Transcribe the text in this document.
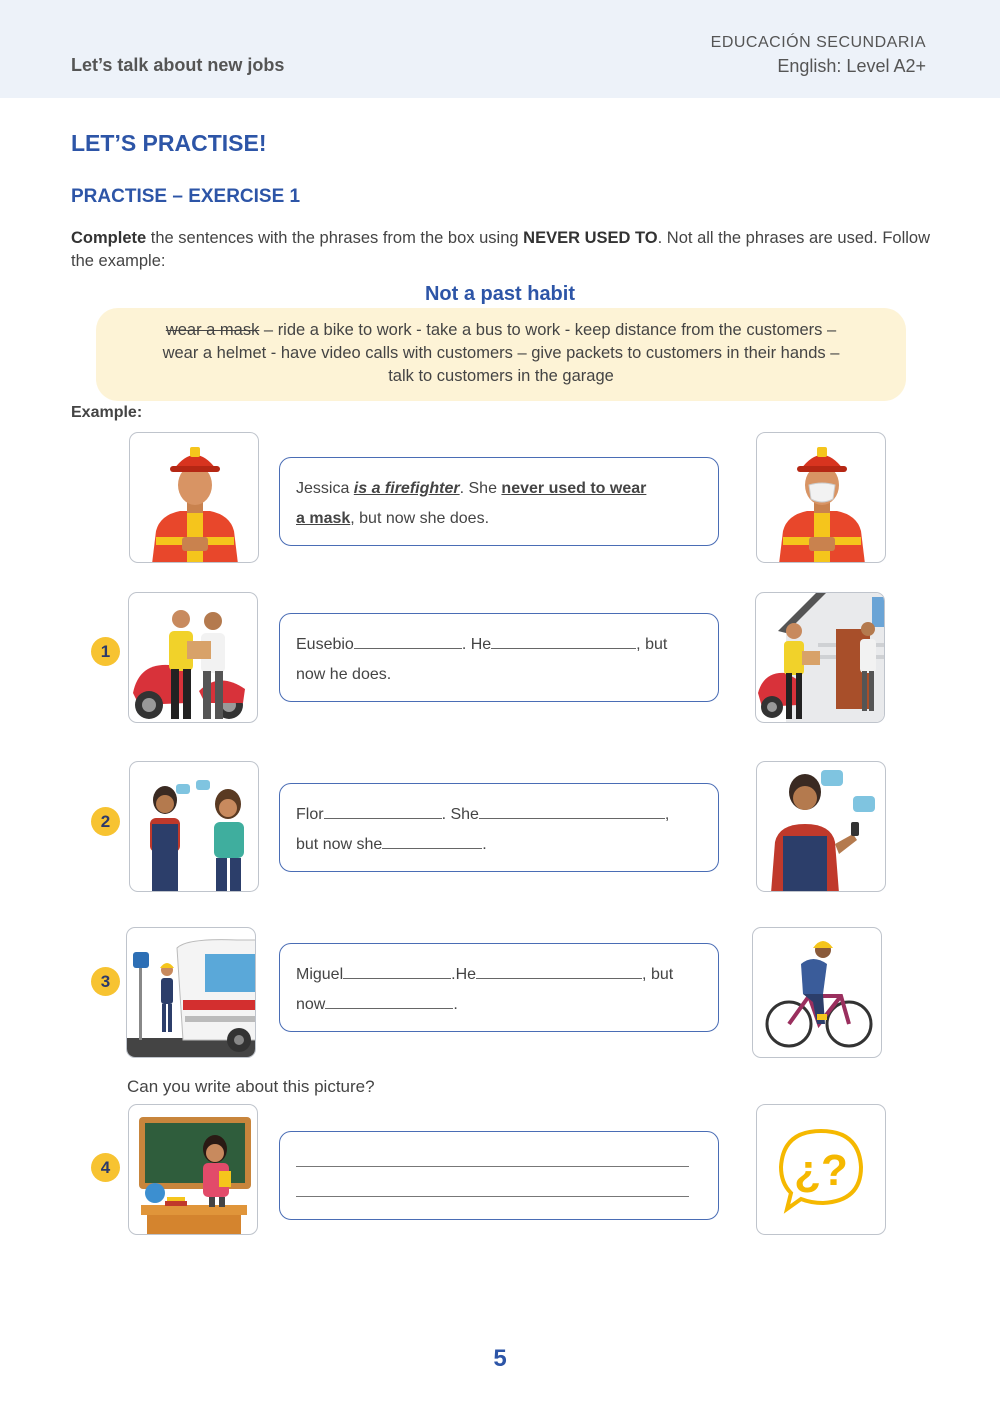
Let’s talk about new jobs
EDUCACIÓN SECUNDARIA
English: Level A2+
LET’S PRACTISE!
PRACTISE – EXERCISE 1
Complete the sentences with the phrases from the box using NEVER USED TO. Not all the phrases are used. Follow the example:
Not a past habit
wear a mask – ride a bike to work - take a bus to work - keep distance from the customers –
wear a helmet - have video calls with customers – give packets to customers in their hands –
talk to customers in the garage
Example:
Jessica is a firefighter. She never used to wear
a mask, but now she does.
1	Eusebio	. He	, but
now he does.
2	Flor	. She	,
but now she	.
3	Miguel	.He	, but
now	.
Can you write about this picture?
4	¿?
5
